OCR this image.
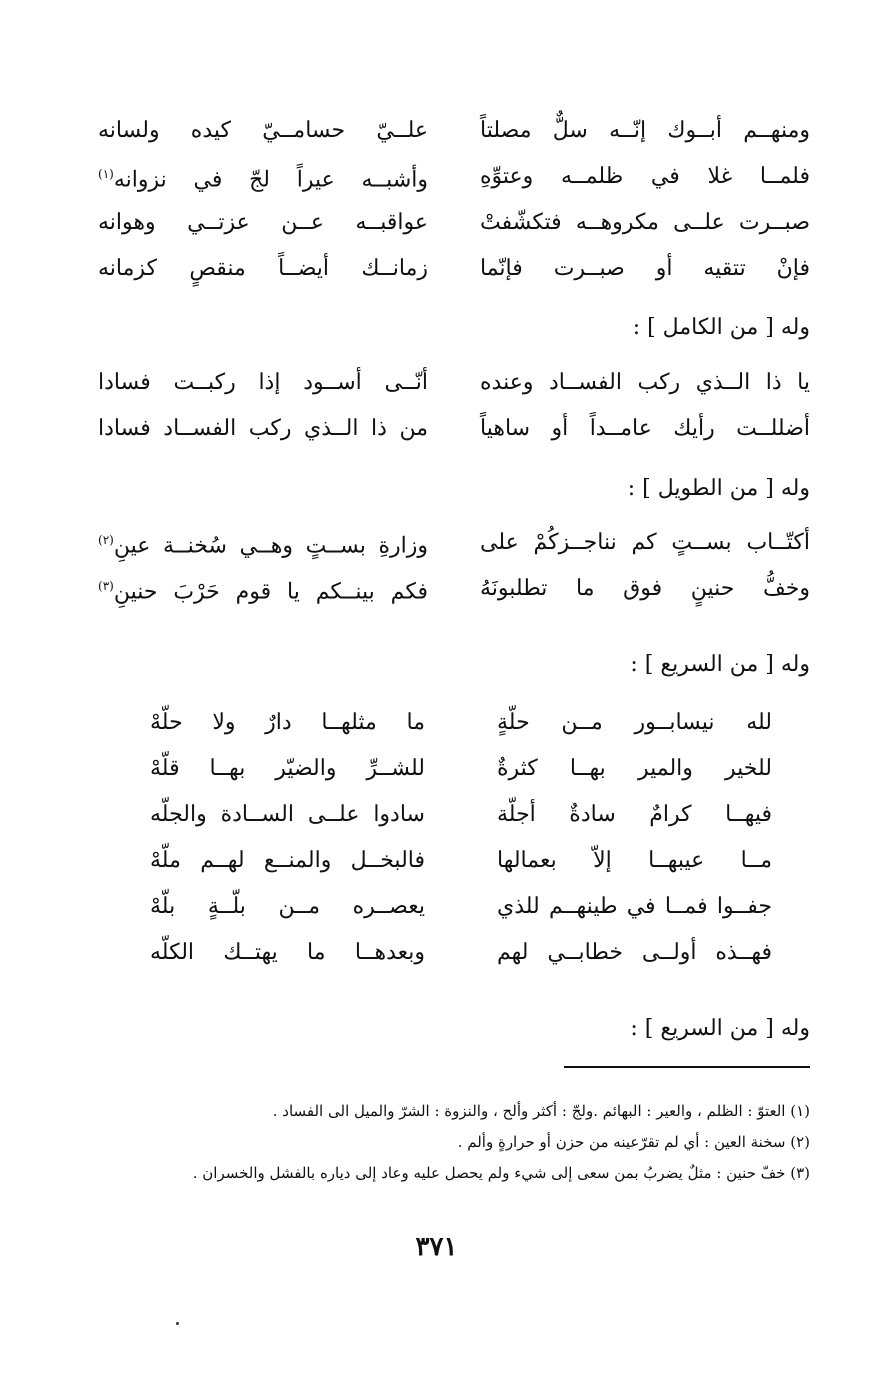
ومنهــم أبــوك إنّــه سلٌّ مصلتاً
علــيّ حسامــيّ كيده ولسانه
فلمــا غلا في ظلمــه وعتوِّهِ
وأشبــه عيراً لجّ في نزوانه$^{(١)}$
صبــرت علــى مكروهــه فتكشّفتْ
عواقبــه عــن عزتــي وهوانه
فإنْ تتقيه أو صبــرت فإنّما
زمانــك أيضــاً منقصٍ كزمانه
وله [ من الكامل ] :
يا ذا الــذي ركب الفســاد وعنده
أنّــى أســود إذا ركبــت فسادا
أضللــت رأيك عامــداً أو ساهياً
من ذا الــذي ركب الفســاد فسادا
وله [ من الطويل ] :
أكتّــاب بســتٍ كم نناجــزكُمْ على
وزارةِ بســتٍ وهــي سُخنــة عينِ$^{(٢)}$
وخفُّ حنينٍ فوق ما تطلبونَهُ
فكم بينــكم يا قوم حَرْبَ حنينِ$^{(٣)}$
وله [ من السريع ] :
لله نيسابــور مــن حلّةٍ
ما مثلهــا دارٌ ولا حلّهْ
للخير والمير بهــا كثرةٌ
للشــرِّ والضيّر بهــا قلّهْ
فيهــا كرامٌ سادةٌ أجلّة
سادوا علــى الســادة والجلّه
مــا عيبهــا إلاّ بعمالها
فالبخــل والمنــع لهــم ملّهْ
جفــوا فمــا في طينهــم للذي
يعصــره مــن بلّــةٍ بلّهْ
فهــذه أولــى خطابــي لهم
وبعدهــا ما يهتــك الكلّه
وله [ من السريع ] :
(١) العتوّ : الظلم ، والعير : البهائم .ولجّ : أكثر وألح ، والنزوة : الشرّ والميل الى الفساد .
(٢) سخنة العين : أي لم تقرّعينه من حزن أو حرارةٍ وألم .
(٣) خفّ حنين : مثلٌ يضربُ بمن سعى إلى شيء ولم يحصل عليه وعاد إلى دياره بالفشل والخسران .
٣٧١
